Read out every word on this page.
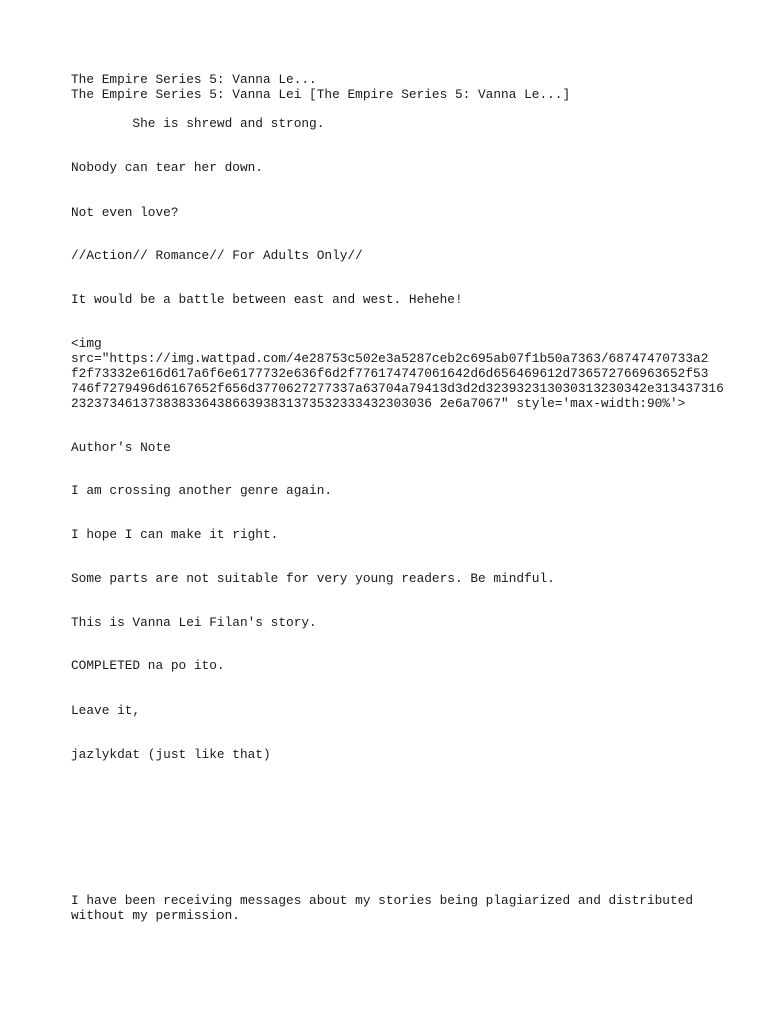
The Empire Series 5: Vanna Le...

The Empire Series 5: Vanna Lei [The Empire Series 5: Vanna Le...]

She is shrewd and strong.

Nobody can tear her down.

Not even love?

//Action// Romance// For Adults Only//

It would be a battle between east and west. Hehehe!

<img
src="https://img.wattpad.com/4e28753c502e3a5287ceb2c695ab07f1b50a7363/68747470733a2
f2f73332e616d617a6f6e6177732e636f6d2f776174747061642d6d656469612d736572766963652f53
746f7279496d6167652f656d3770627277337a63704a79413d3d2d323932313030313230342e313437316
23237346137383833643866393831373532333432303036 2e6a7067" style='max-width:90%'>

Author's Note

I am crossing another genre again.

I hope I can make it right.

Some parts are not suitable for very young readers. Be mindful.

This is Vanna Lei Filan's story.

COMPLETED na po ito.

Leave it,

jazlykdat (just like that)

I have been receiving messages about my stories being plagiarized and distributed
without my permission.
